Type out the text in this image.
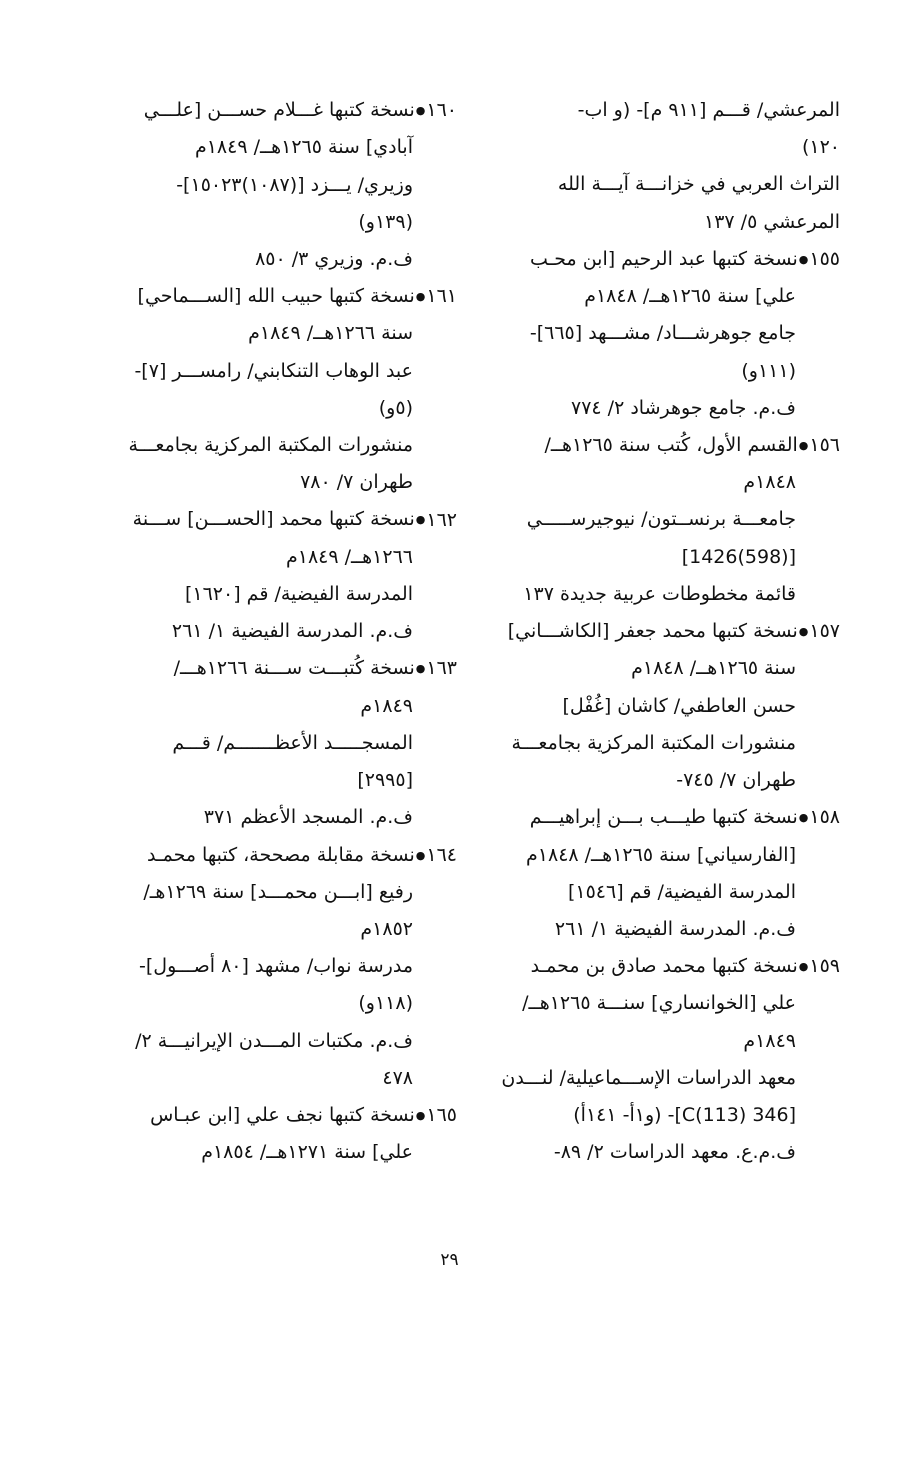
المرعشي/ قـــم [٩١١ م]- (و اب-
١٢٠)
التراث العربي في خزانـــة آيـــة الله
المرعشي ٥/ ١٣٧
١٥٥●نسخة كتبها عبد الرحيم [ابن محـب
علي] سنة ١٢٦٥هــ/ ١٨٤٨م
جامع جوهرشـــاد/ مشـــهد [٦٦٥]-
(١١١و)
ف.م. جامع جوهرشاد ٢/ ٧٧٤
١٥٦●القسم الأول، كُتب سنة ١٢٦٥هــ/
١٨٤٨م
جامعـــة برنســتون/ نيوجيرســـــي
[(598)1426]
قائمة مخطوطات عربية جديدة ١٣٧
١٥٧●نسخة كتبها محمد جعفر [الكاشـــاني]
سنة ١٢٦٥هــ/ ١٨٤٨م
حسن العاطفي/ كاشان [غُفْل]
منشورات المكتبة المركزية بجامعـــة
طهران ٧/ ٧٤٥-
١٥٨●نسخة كتبها طيـــب بـــن إبراهيـــم
[الفارسياني] سنة ١٢٦٥هــ/ ١٨٤٨م
المدرسة الفيضية/ قم [١٥٤٦]
ف.م. المدرسة الفيضية ١/ ٢٦١
١٥٩●نسخة كتبها محمد صادق بن محمـد
علي [الخوانساري] سنـــة ١٢٦٥هــ/
١٨٤٩م
معهد الدراسات الإســـماعيلية/ لنـــدن
[346 C(113)]- (و١أ- ١٤١أ)
ف.م.ع. معهد الدراسات ٢/ ٨٩-
١٦٠●نسخة كتبها غـــلام حســـن [علـــي
آبادي] سنة ١٢٦٥هــ/ ١٨٤٩م
وزيري/ يـــزد [(١٠٨٧)١٥٠٢٣]-
(١٣٩و)
ف.م. وزيري ٣/ ٨٥٠
١٦١●نسخة كتبها حبيب الله [الســـماحي]
سنة ١٢٦٦هــ/ ١٨٤٩م
عبد الوهاب التنكابني/ رامســـر [٧]-
(٥و)
منشورات المكتبة المركزية بجامعـــة
طهران ٧/ ٧٨٠
١٦٢●نسخة كتبها محمد [الحســـن] ســـنة
١٢٦٦هــ/ ١٨٤٩م
المدرسة الفيضية/ قم [١٦٢٠]
ف.م. المدرسة الفيضية ١/ ٢٦١
١٦٣●نسخة كُتبـــت ســـنة ١٢٦٦هـــ/
١٨٤٩م
المسجـــــد الأعظـــــــم/ قـــم
[٢٩٩٥]
ف.م. المسجد الأعظم ٣٧١
١٦٤●نسخة مقابلة مصححة، كتبها محمـد
رفيع [ابـــن محمـــد] سنة ١٢٦٩هـ/
١٨٥٢م
مدرسة نواب/ مشهد [٨٠ أصـــول]-
(١١٨و)
ف.م. مكتبات المـــدن الإيرانيـــة ٢/
٤٧٨
١٦٥●نسخة كتبها نجف علي [ابن عبـاس
علي] سنة ١٢٧١هــ/ ١٨٥٤م
٢٩
